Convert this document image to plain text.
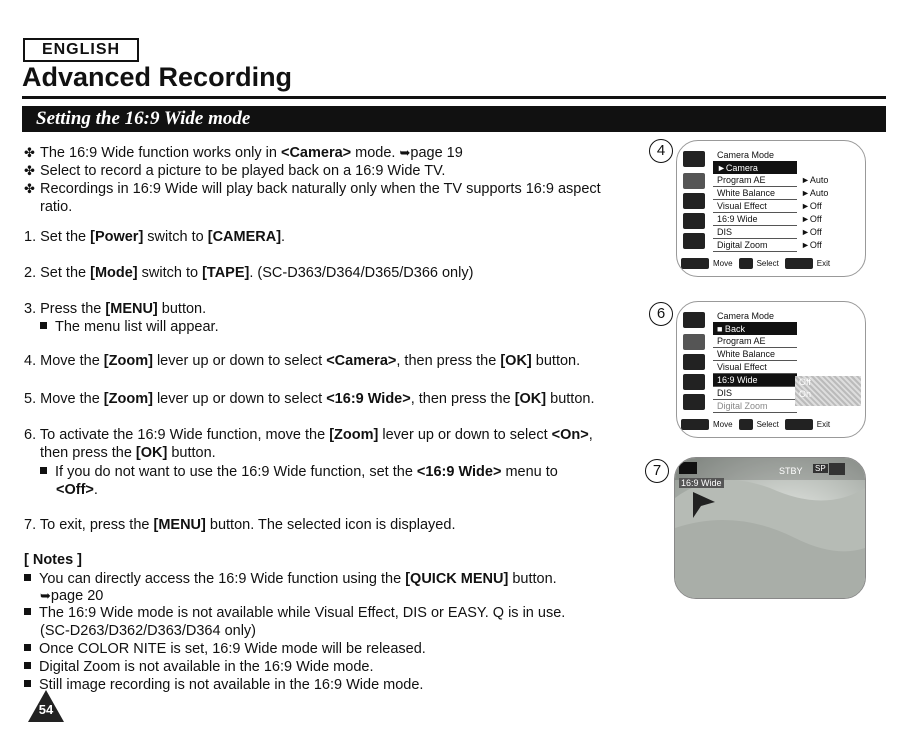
ENGLISH
Advanced Recording
Setting the 16:9 Wide mode
✤ The 16:9 Wide function works only in <Camera> mode. ➥page 19
✤ Select to record a picture to be played back on a 16:9 Wide TV.
✤ Recordings in 16:9 Wide will play back naturally only when the TV supports 16:9 aspect
ratio.
1. Set the [Power] switch to [CAMERA].
2. Set the [Mode] switch to [TAPE]. (SC-D363/D364/D365/D366 only)
3. Press the [MENU] button.
The menu list will appear.
4. Move the [Zoom] lever up or down to select <Camera>, then press the [OK] button.
5. Move the [Zoom] lever up or down to select <16:9 Wide>, then press the [OK] button.
6. To activate the 16:9 Wide function, move the [Zoom] lever up or down to select <On>,
then press the [OK] button.
If you do not want to use the 16:9 Wide function, set the <16:9 Wide> menu to
<Off>.
7. To exit, press the [MENU] button. The selected icon is displayed.
[ Notes ]
You can directly access the 16:9 Wide function using the [QUICK MENU] button.
➥page 20
The 16:9 Wide mode is not available while Visual Effect, DIS or EASY. Q is in use.
(SC-D263/D362/D363/D364 only)
Once COLOR NITE is set, 16:9 Wide mode will be released.
Digital Zoom is not available in the 16:9 Wide mode.
Still image recording is not available in the 16:9 Wide mode.
4	Camera Mode
►Camera
Program AE	►Auto
White Balance	►Auto
Visual Effect	►Off
16:9 Wide	►Off
DIS	►Off
Digital Zoom	►Off
Move	Select	Exit
6	Camera Mode
■ Back
Program AE
White Balance
Visual Effect
16:9 Wide
DIS
Digital Zoom
Off
On
Move	Select	Exit
7
16:9 Wide
STBY SP
54
